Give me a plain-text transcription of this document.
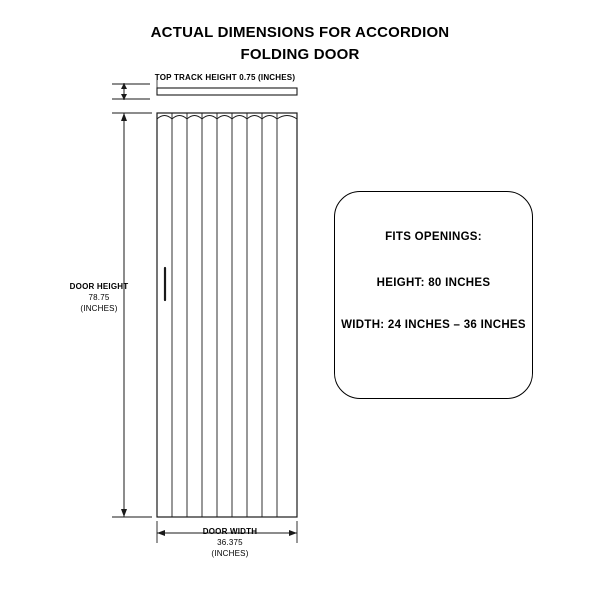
ACTUAL DIMENSIONS FOR ACCORDION
FOLDING DOOR
TOP TRACK HEIGHT 0.75 (INCHES)
DOOR HEIGHT
78.75
(INCHES)
DOOR WIDTH
36.375
(INCHES)
FITS OPENINGS:
HEIGHT: 80 INCHES
WIDTH: 24 INCHES – 36 INCHES
